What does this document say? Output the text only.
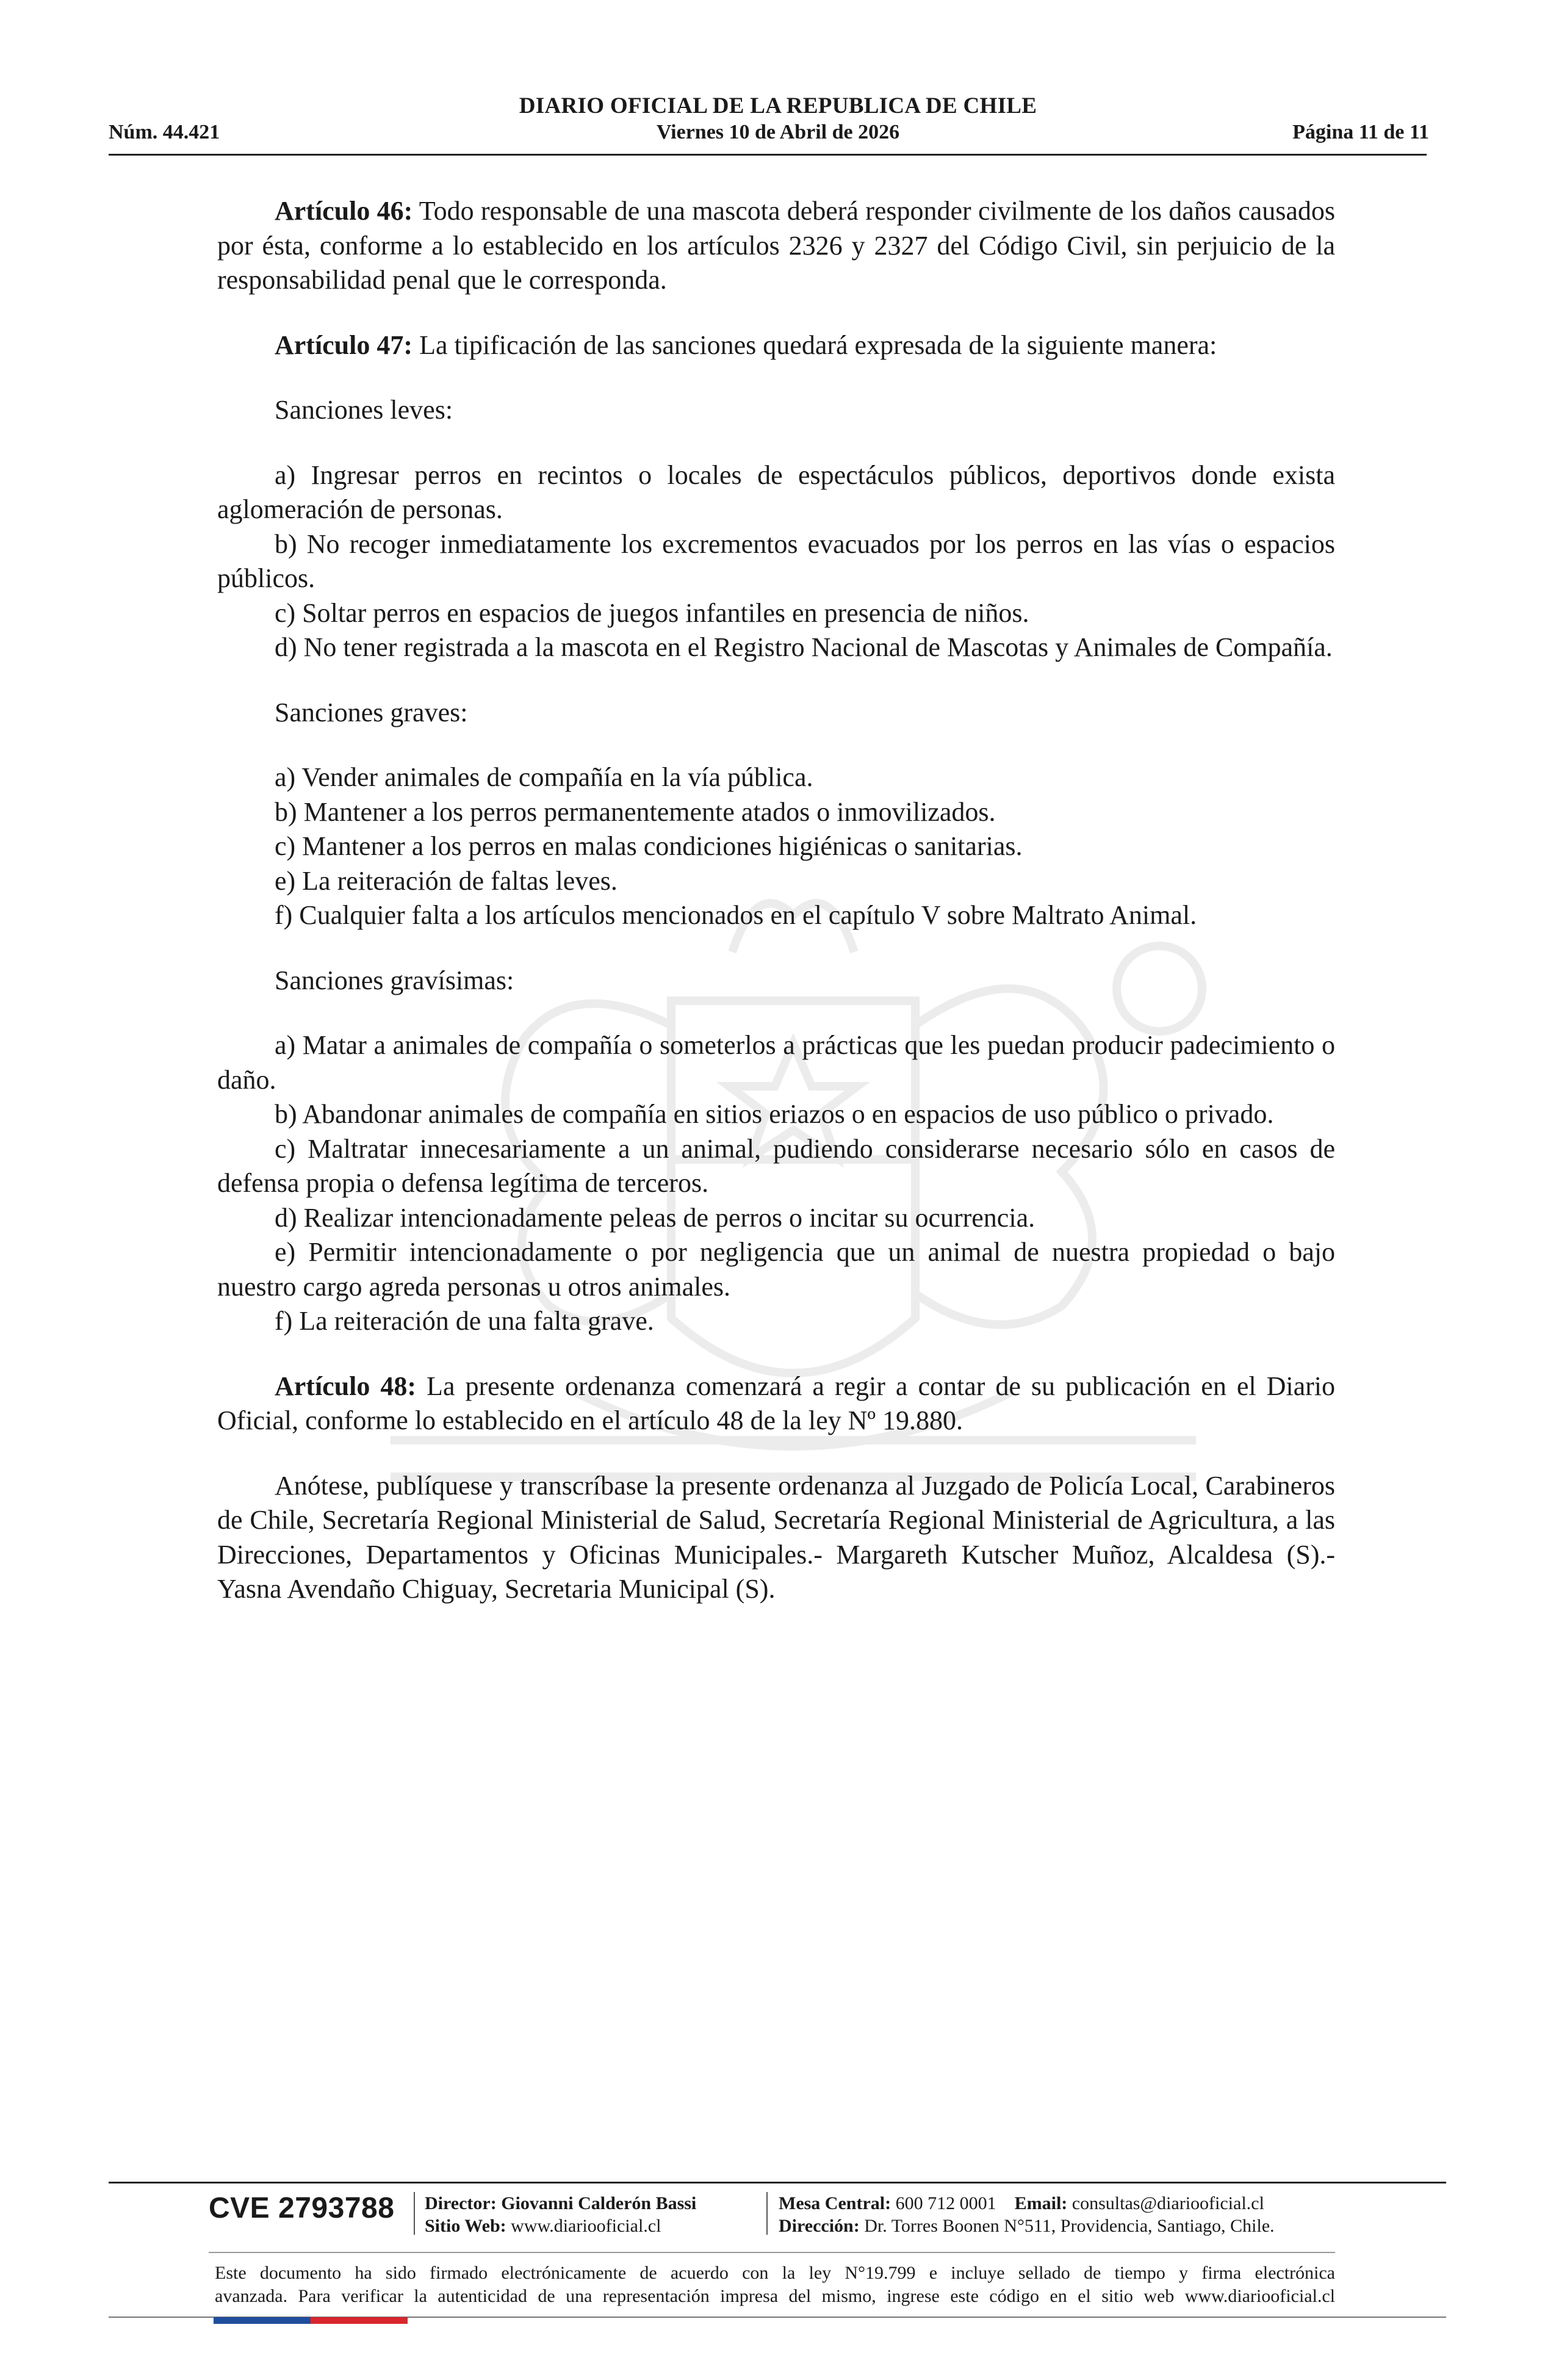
DIARIO OFICIAL DE LA REPUBLICA DE CHILE
Núm. 44.421	Viernes 10 de Abril de 2026	Página 11 de 11

Artículo 46: Todo responsable de una mascota deberá responder civilmente de los daños causados por ésta, conforme a lo establecido en los artículos 2326 y 2327 del Código Civil, sin perjuicio de la responsabilidad penal que le corresponda.

Artículo 47: La tipificación de las sanciones quedará expresada de la siguiente manera:

Sanciones leves:

a) Ingresar perros en recintos o locales de espectáculos públicos, deportivos donde exista aglomeración de personas.

b) No recoger inmediatamente los excrementos evacuados por los perros en las vías o espacios públicos.

c) Soltar perros en espacios de juegos infantiles en presencia de niños.

d) No tener registrada a la mascota en el Registro Nacional de Mascotas y Animales de Compañía.

Sanciones graves:

a) Vender animales de compañía en la vía pública.

b) Mantener a los perros permanentemente atados o inmovilizados.

c) Mantener a los perros en malas condiciones higiénicas o sanitarias.

e) La reiteración de faltas leves.

f) Cualquier falta a los artículos mencionados en el capítulo V sobre Maltrato Animal.

Sanciones gravísimas:

a) Matar a animales de compañía o someterlos a prácticas que les puedan producir padecimiento o daño.

b) Abandonar animales de compañía en sitios eriazos o en espacios de uso público o privado.

c) Maltratar innecesariamente a un animal, pudiendo considerarse necesario sólo en casos de defensa propia o defensa legítima de terceros.

d) Realizar intencionadamente peleas de perros o incitar su ocurrencia.

e) Permitir intencionadamente o por negligencia que un animal de nuestra propiedad o bajo nuestro cargo agreda personas u otros animales.

f) La reiteración de una falta grave.

Artículo 48: La presente ordenanza comenzará a regir a contar de su publicación en el Diario Oficial, conforme lo establecido en el artículo 48 de la ley Nº 19.880.

Anótese, publíquese y transcríbase la presente ordenanza al Juzgado de Policía Local, Carabineros de Chile, Secretaría Regional Ministerial de Salud, Secretaría Regional Ministerial de Agricultura, a las Direcciones, Departamentos y Oficinas Municipales.- Margareth Kutscher Muñoz, Alcaldesa (S).- Yasna Avendaño Chiguay, Secretaria Municipal (S).

CVE 2793788 Director: Giovanni Calderón Bassi
Sitio Web: www.diariooficial.cl
Mesa Central: 600 712 0001 Email: consultas@diariooficial.cl
Dirección: Dr. Torres Boonen N°511, Providencia, Santiago, Chile.
Este documento ha sido firmado electrónicamente de acuerdo con la ley N°19.799 e incluye sellado de tiempo y firma electrónica
avanzada. Para verificar la autenticidad de una representación impresa del mismo, ingrese este código en el sitio web www.diariooficial.cl
